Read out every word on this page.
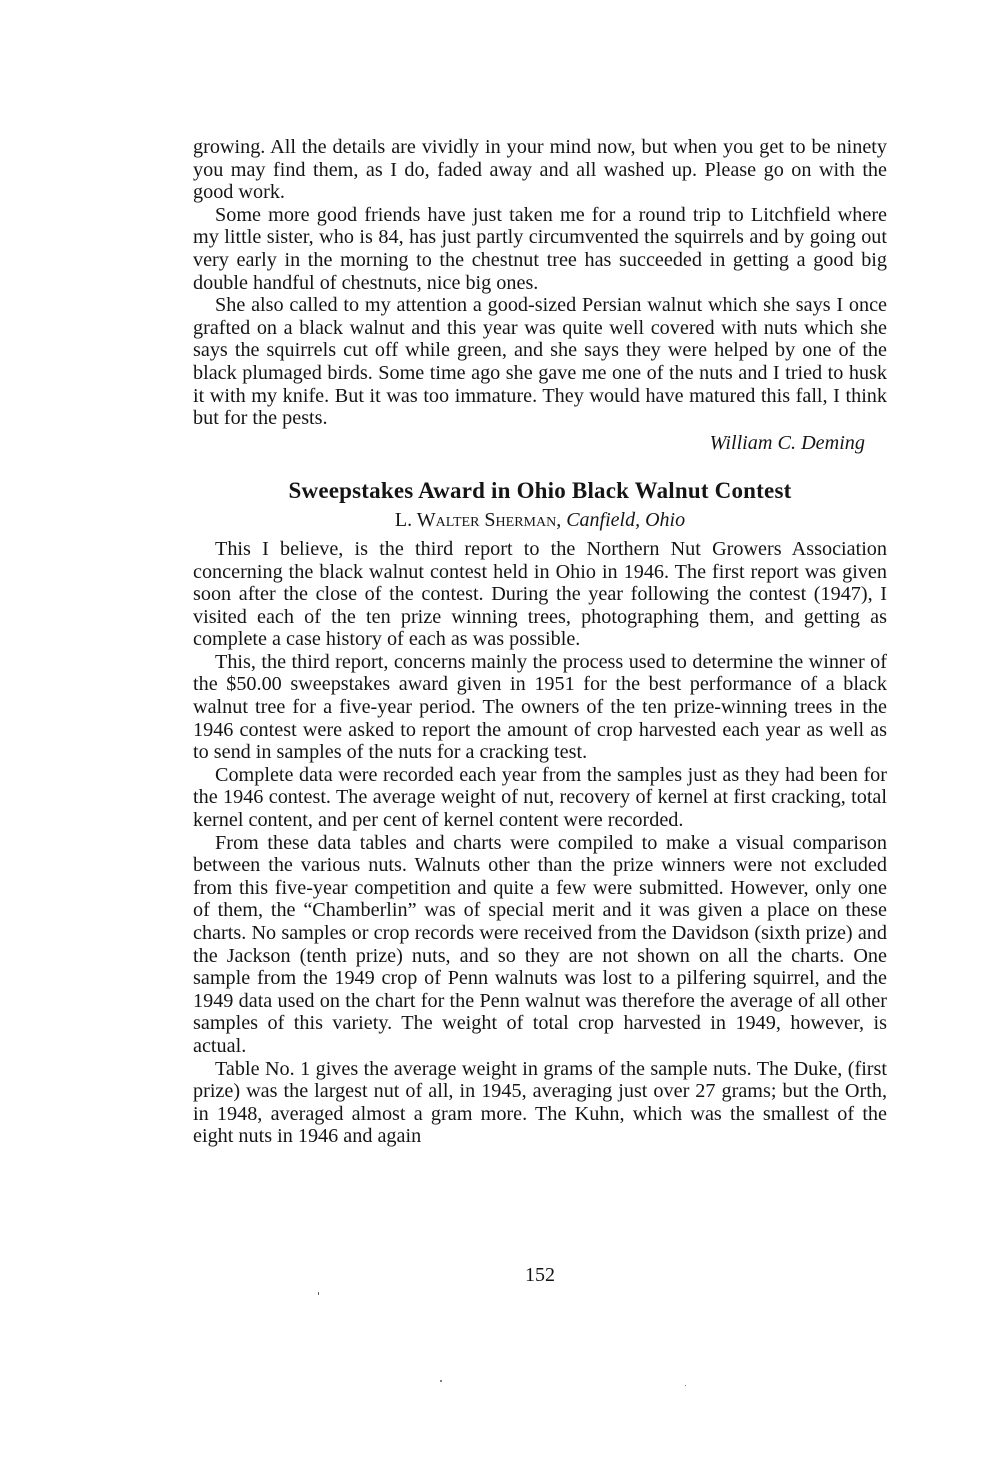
growing. All the details are vividly in your mind now, but when you get to be ninety you may find them, as I do, faded away and all washed up. Please go on with the good work.

Some more good friends have just taken me for a round trip to Litchfield where my little sister, who is 84, has just partly circumvented the squirrels and by going out very early in the morning to the chestnut tree has succeeded in getting a good big double handful of chestnuts, nice big ones.

She also called to my attention a good-sized Persian walnut which she says I once grafted on a black walnut and this year was quite well covered with nuts which she says the squirrels cut off while green, and she says they were helped by one of the black plumaged birds. Some time ago she gave me one of the nuts and I tried to husk it with my knife. But it was too immature. They would have matured this fall, I think but for the pests.

William C. Deming

Sweepstakes Award in Ohio Black Walnut Contest

L. Walter Sherman, Canfield, Ohio

This I believe, is the third report to the Northern Nut Growers Association concerning the black walnut contest held in Ohio in 1946. The first report was given soon after the close of the contest. During the year following the contest (1947), I visited each of the ten prize winning trees, photographing them, and getting as complete a case history of each as was possible.

This, the third report, concerns mainly the process used to determine the winner of the $50.00 sweepstakes award given in 1951 for the best performance of a black walnut tree for a five-year period. The owners of the ten prize-winning trees in the 1946 contest were asked to report the amount of crop harvested each year as well as to send in samples of the nuts for a cracking test.

Complete data were recorded each year from the samples just as they had been for the 1946 contest. The average weight of nut, recovery of kernel at first cracking, total kernel content, and per cent of kernel content were recorded.

From these data tables and charts were compiled to make a visual comparison between the various nuts. Walnuts other than the prize winners were not excluded from this five-year competition and quite a few were submitted. However, only one of them, the “Chamberlin” was of special merit and it was given a place on these charts. No samples or crop records were received from the Davidson (sixth prize) and the Jackson (tenth prize) nuts, and so they are not shown on all the charts. One sample from the 1949 crop of Penn walnuts was lost to a pilfering squirrel, and the 1949 data used on the chart for the Penn walnut was therefore the average of all other samples of this variety. The weight of total crop harvested in 1949, however, is actual.

Table No. 1 gives the average weight in grams of the sample nuts. The Duke, (first prize) was the largest nut of all, in 1945, averaging just over 27 grams; but the Orth, in 1948, averaged almost a gram more. The Kuhn, which was the smallest of the eight nuts in 1946 and again

152
